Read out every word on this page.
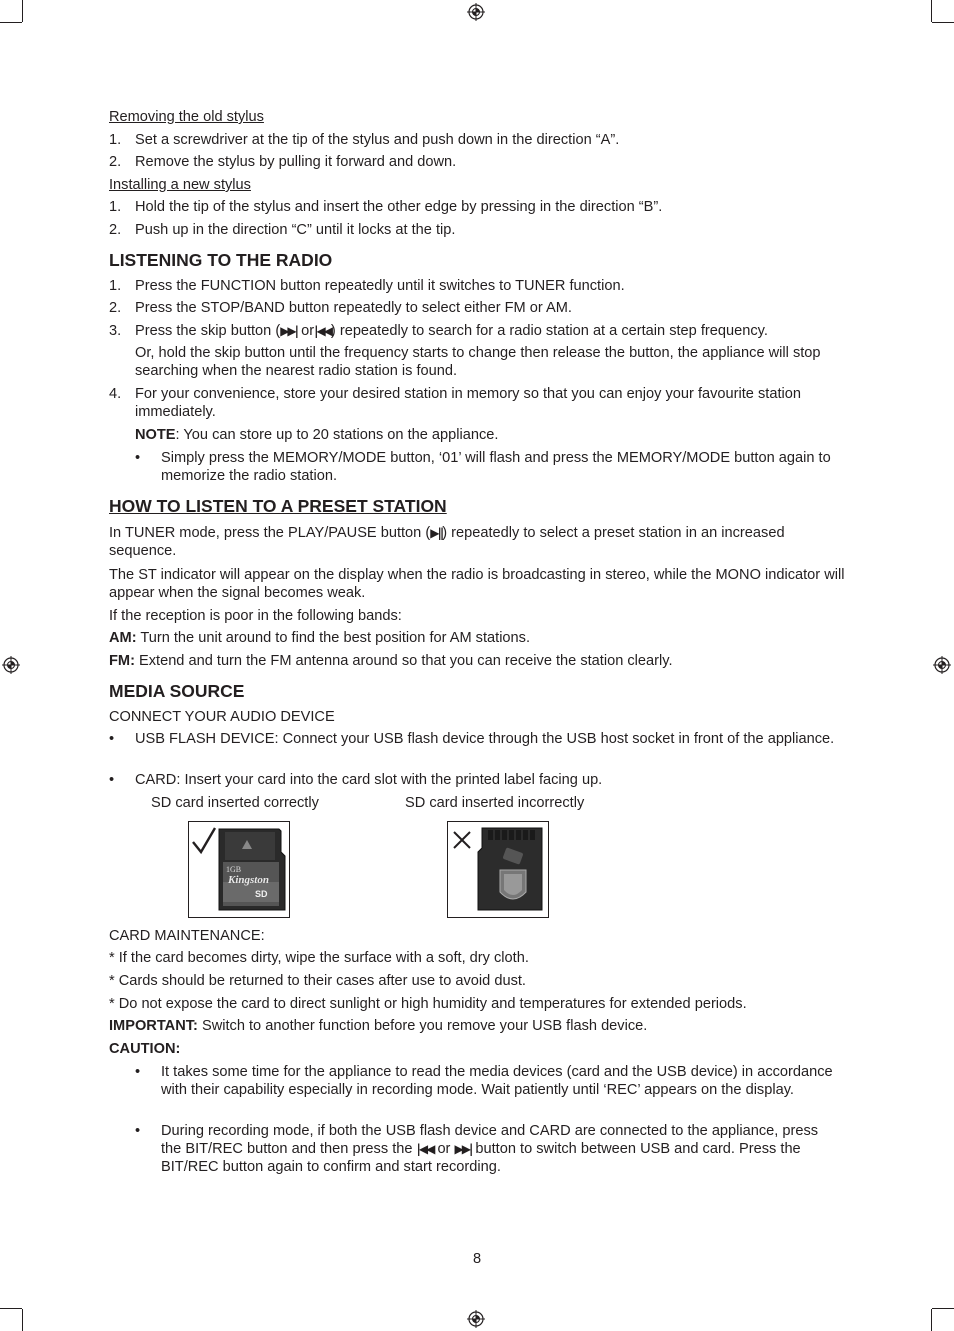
Removing the old stylus
1. Set a screwdriver at the tip of the stylus and push down in the direction “A”.
2. Remove the stylus by pulling it forward and down.
Installing a new stylus
1. Hold the tip of the stylus and insert the other edge by pressing in the direction “B”.
2. Push up in the direction “C” until it locks at the tip.
LISTENING TO THE RADIO
1. Press the FUNCTION button repeatedly until it switches to TUNER function.
2. Press the STOP/BAND button repeatedly to select either FM or AM.
3. Press the skip button (▶▶| or|◀◀) repeatedly to search for a radio station at a certain step frequency.
Or, hold the skip button until the frequency starts to change then release the button, the appliance will stop searching when the nearest radio station is found.
4. For your convenience, store your desired station in memory so that you can enjoy your favourite station immediately.
NOTE: You can store up to 20 stations on the appliance.
• Simply press the MEMORY/MODE button, ‘01’ will flash and press the MEMORY/MODE button again to memorize the radio station.
HOW TO LISTEN TO A PRESET STATION
In TUNER mode, press the PLAY/PAUSE button (▶||) repeatedly to select a preset station in an increased sequence.
The ST indicator will appear on the display when the radio is broadcasting in stereo, while the MONO indicator will appear when the signal becomes weak.
If the reception is poor in the following bands:
AM: Turn the unit around to find the best position for AM stations.
FM: Extend and turn the FM antenna around so that you can receive the station clearly.
MEDIA SOURCE
CONNECT YOUR AUDIO DEVICE
• USB FLASH DEVICE: Connect your USB flash device through the USB host socket in front of the appliance.
• CARD: Insert your card into the card slot with the printed label facing up.
SD card inserted correctly	SD card inserted incorrectly
1GB
Kingston
SD
CARD MAINTENANCE:
* If the card becomes dirty, wipe the surface with a soft, dry cloth.
* Cards should be returned to their cases after use to avoid dust.
* Do not expose the card to direct sunlight or high humidity and temperatures for extended periods.
IMPORTANT: Switch to another function before you remove your USB flash device.
CAUTION:
• It takes some time for the appliance to read the media devices (card and the USB device) in accordance with their capability especially in recording mode. Wait patiently until ‘REC’ appears on the display.
• During recording mode, if both the USB flash device and CARD are connected to the appliance, press the BIT/REC button and then press the |◀◀ or ▶▶| button to switch between USB and card. Press the BIT/REC button again to confirm and start recording.
8
